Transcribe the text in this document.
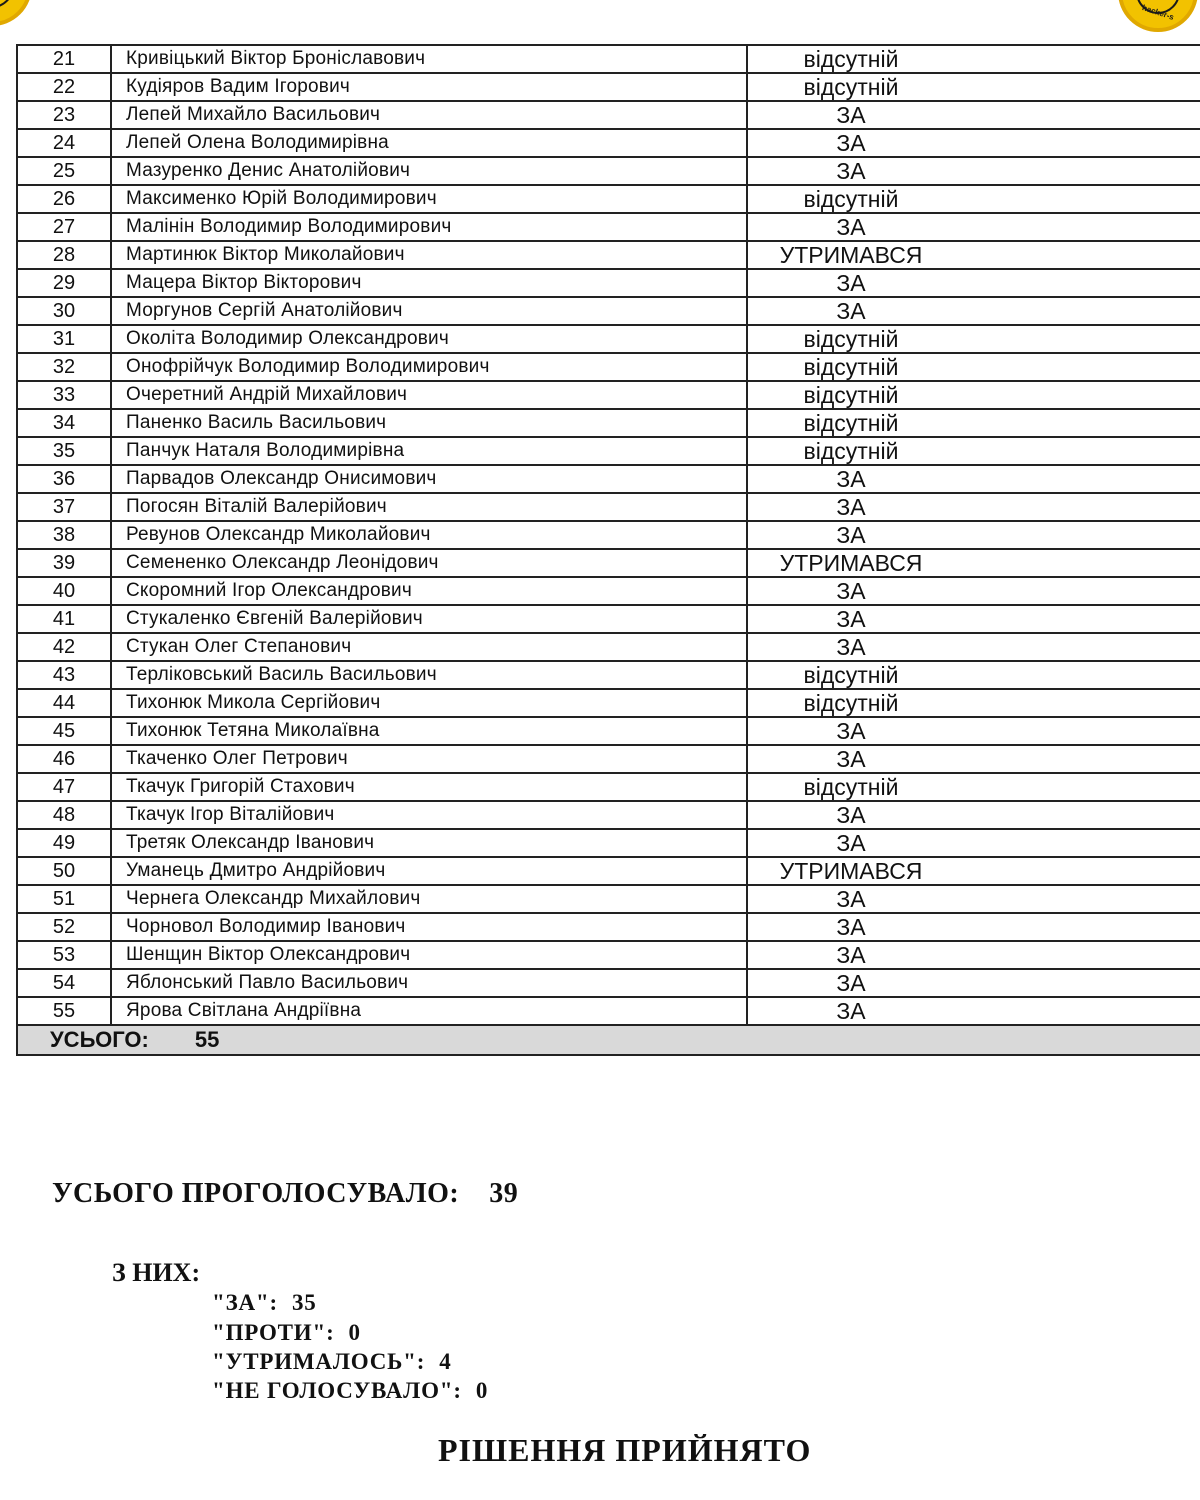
hacker-s
21	Кривіцький Віктор Броніславович	відсутній
22	Кудіяров Вадим Ігорович	відсутній
23	Лепей Михайло Васильович	ЗА
24	Лепей Олена Володимирівна	ЗА
25	Мазуренко Денис Анатолійович	ЗА
26	Максименко Юрій Володимирович	відсутній
27	Малінін Володимир Володимирович	ЗА
28	Мартинюк Віктор Миколайович	УТРИМАВСЯ
29	Мацера Віктор Вікторович	ЗА
30	Моргунов Сергій Анатолійович	ЗА
31	Околіта Володимир Олександрович	відсутній
32	Онофрійчук Володимир Володимирович	відсутній
33	Очеретний Андрій Михайлович	відсутній
34	Паненко Василь Васильович	відсутній
35	Панчук Наталя Володимирівна	відсутній
36	Парвадов Олександр Онисимович	ЗА
37	Погосян Віталій Валерійович	ЗА
38	Ревунов Олександр Миколайович	ЗА
39	Семененко Олександр Леонідович	УТРИМАВСЯ
40	Скоромний Ігор Олександрович	ЗА
41	Стукаленко Євгеній Валерійович	ЗА
42	Стукан Олег Степанович	ЗА
43	Терліковський Василь Васильович	відсутній
44	Тихонюк Микола Сергійович	відсутній
45	Тихонюк Тетяна Миколаївна	ЗА
46	Ткаченко Олег Петрович	ЗА
47	Ткачук Григорій Стахович	відсутній
48	Ткачук Ігор Віталійович	ЗА
49	Третяк Олександр Іванович	ЗА
50	Уманець Дмитро Андрійович	УТРИМАВСЯ
51	Чернега Олександр Михайлович	ЗА
52	Чорновол Володимир Іванович	ЗА
53	Шенщин Віктор Олександрович	ЗА
54	Яблонський Павло Васильович	ЗА
55	Ярова Світлана Андріївна	ЗА
УСЬОГО: 55		
УСЬОГО ПРОГОЛОСУВАЛО: 39
З НИХ:
"ЗА": 35
"ПРОТИ": 0
"УТРИМАЛОСЬ": 4
"НЕ ГОЛОСУВАЛО": 0
РІШЕННЯ ПРИЙНЯТО
